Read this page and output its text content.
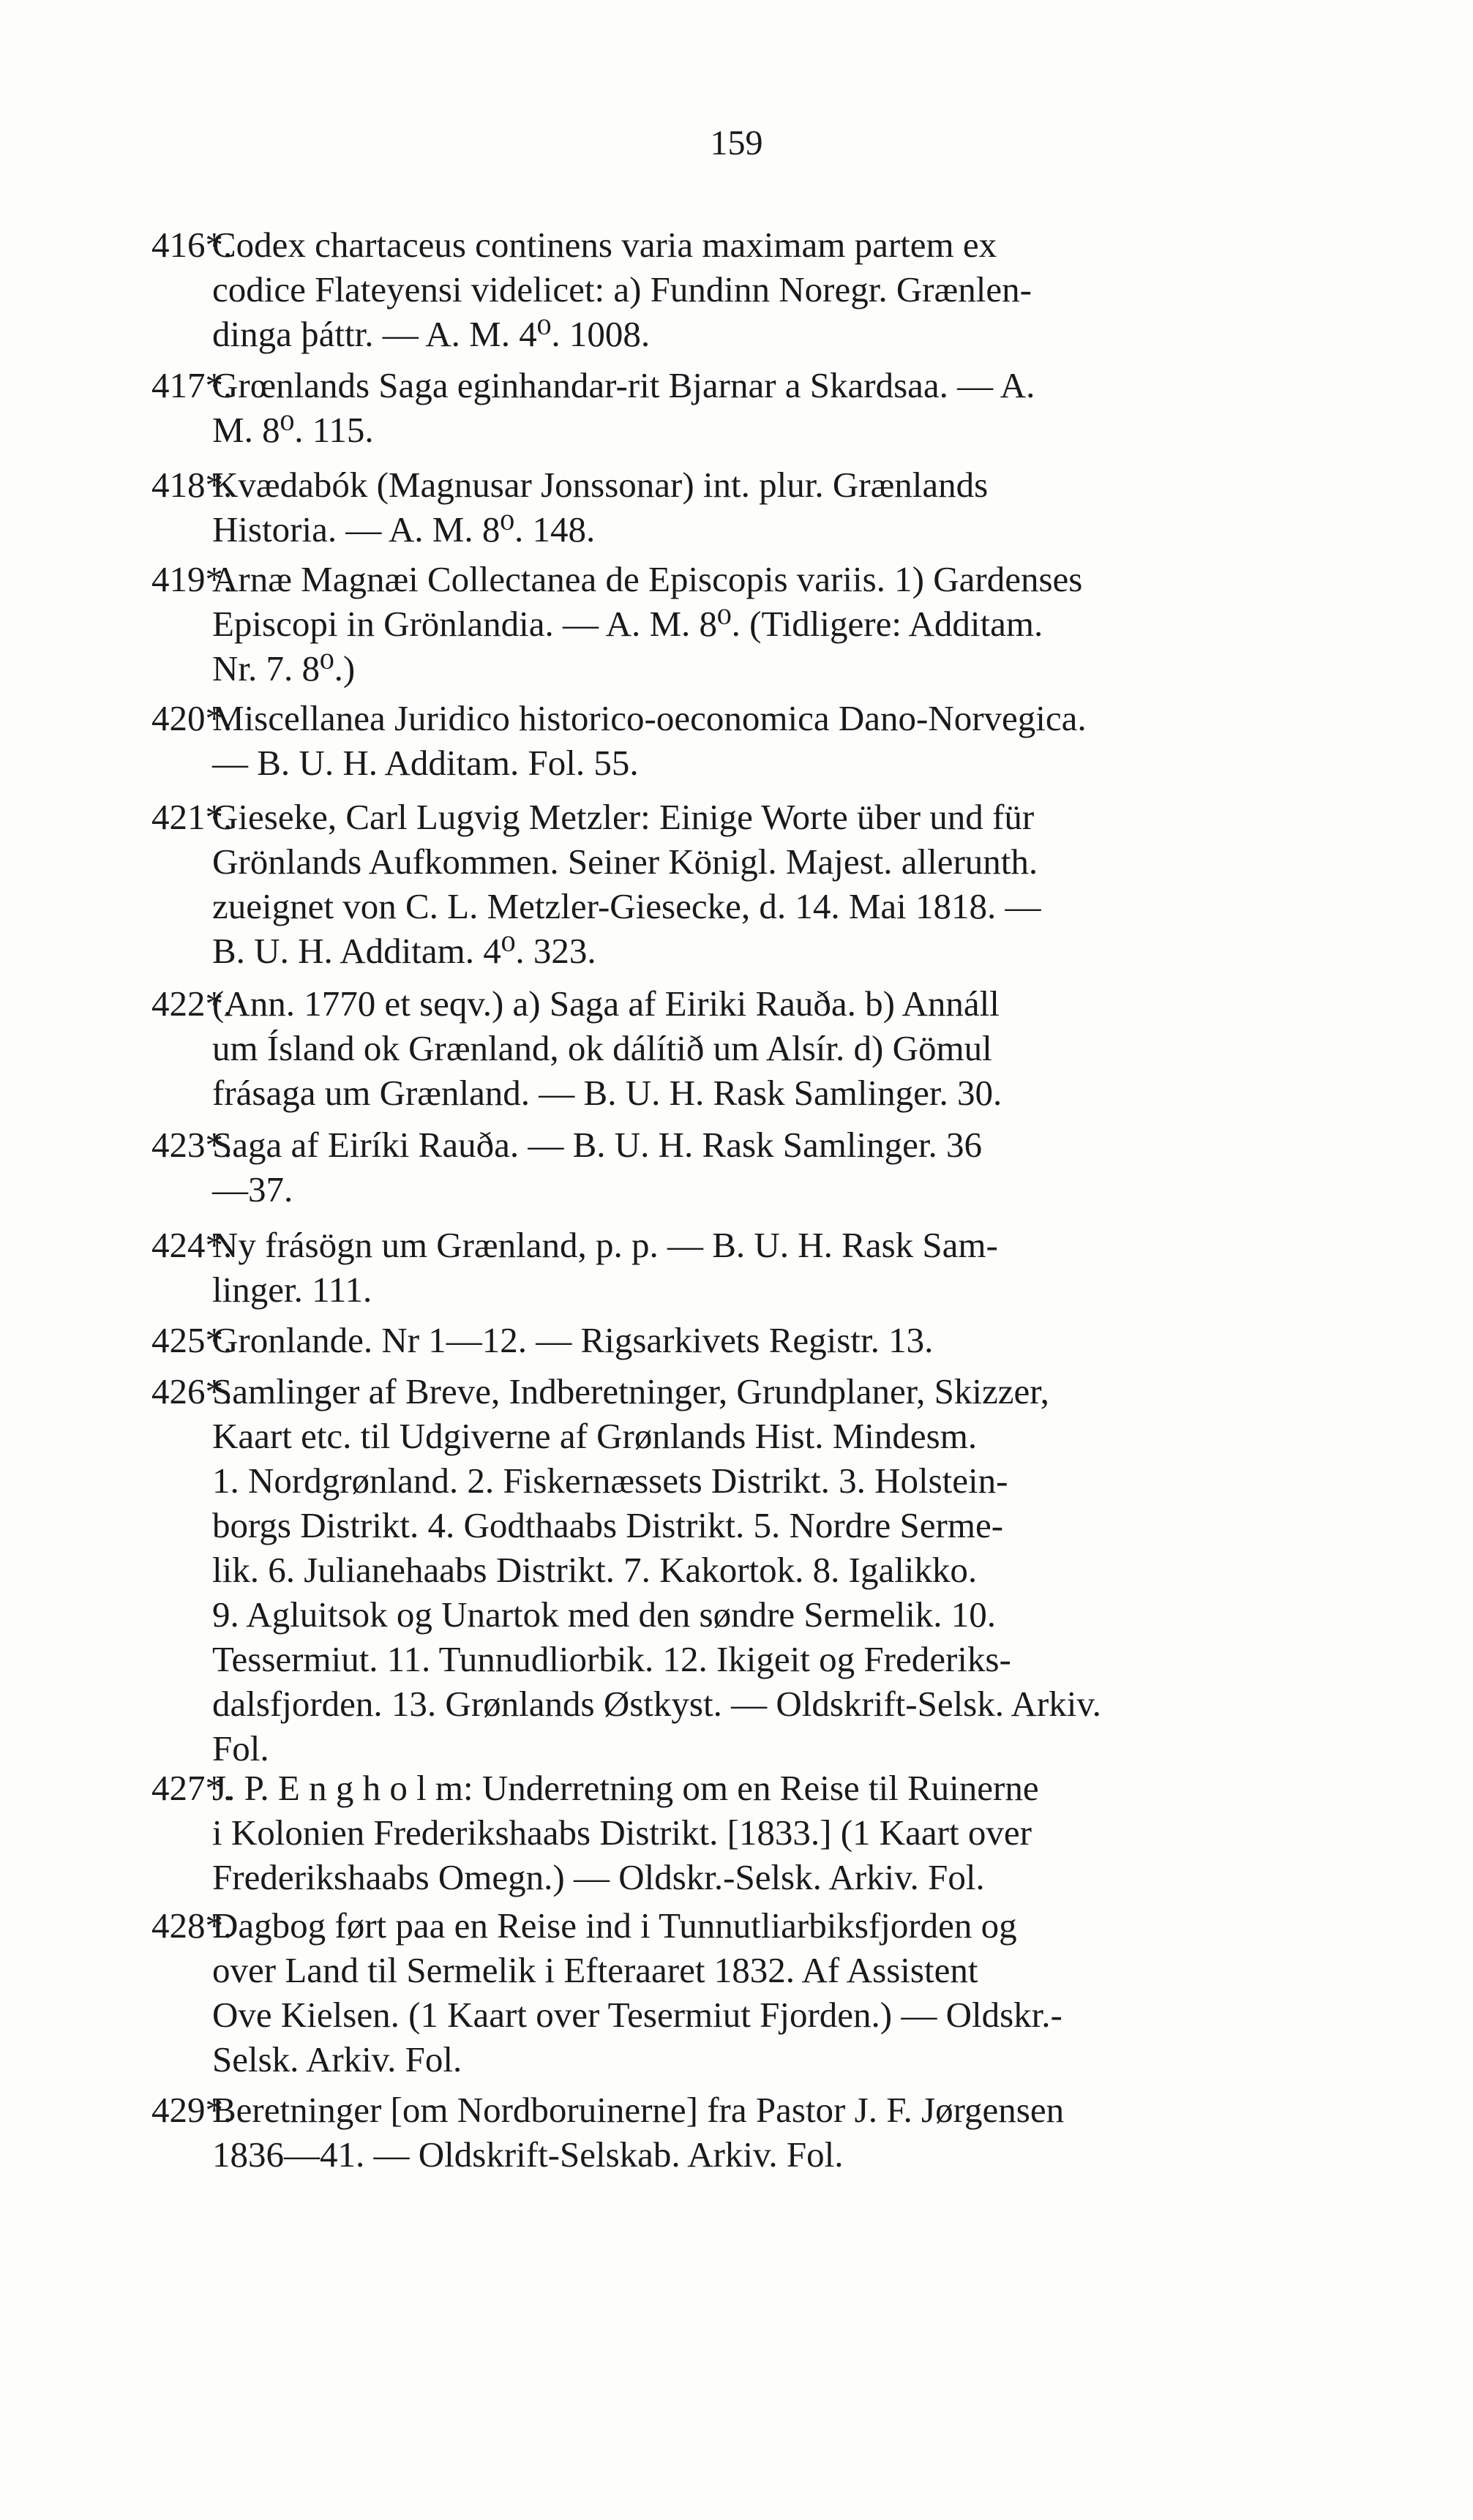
159
416*.
Codex chartaceus continens varia maximam partem ex
codice Flateyensi videlicet: a) Fundinn Noregr. Grænlen-
dinga þáttr. — A. M. 4⁰. 1008.
417*.
Grœnlands Saga eginhandar-rit Bjarnar a Skardsaa. — A.
M. 8⁰. 115.
418*.
Kvædabók (Magnusar Jonssonar) int. plur. Grænlands
Historia. — A. M. 8⁰. 148.
419*.
Arnæ Magnæi Collectanea de Episcopis variis. 1) Gardenses
Episcopi in Grönlandia. — A. M. 8⁰. (Tidligere: Additam.
Nr. 7. 8⁰.)
420*.
Miscellanea Juridico historico-oeconomica Dano-Norvegica.
— B. U. H. Additam. Fol. 55.
421*.
Gieseke, Carl Lugvig Metzler: Einige Worte über und für
Grönlands Aufkommen. Seiner Königl. Majest. allerunth.
zueignet von C. L. Metzler-Giesecke, d. 14. Mai 1818. —
B. U. H. Additam. 4⁰. 323.
422*.
(Ann. 1770 et seqv.) a) Saga af Eiriki Rauða. b) Annáll
um Ísland ok Grænland, ok dálítið um Alsír. d) Gömul
frásaga um Grænland. — B. U. H. Rask Samlinger. 30.
423*.
Saga af Eiríki Rauða. — B. U. H. Rask Samlinger. 36
—37.
424*.
Ny frásögn um Grænland, p. p. — B. U. H. Rask Sam-
linger. 111.
425*.
Gronlande. Nr 1—12. — Rigsarkivets Registr. 13.
426*.
Samlinger af Breve, Indberetninger, Grundplaner, Skizzer,
Kaart etc. til Udgiverne af Grønlands Hist. Mindesm.
1. Nordgrønland. 2. Fiskernæssets Distrikt. 3. Holstein-
borgs Distrikt. 4. Godthaabs Distrikt. 5. Nordre Serme-
lik. 6. Julianehaabs Distrikt. 7. Kakortok. 8. Igalikko.
9. Agluitsok og Unartok med den søndre Sermelik. 10.
Tessermiut. 11. Tunnudliorbik. 12. Ikigeit og Frederiks-
dalsfjorden. 13. Grønlands Østkyst. — Oldskrift-Selsk. Arkiv.
Fol.
427*.
J. P. E n g h o l m: Underretning om en Reise til Ruinerne
i Kolonien Frederikshaabs Distrikt. [1833.] (1 Kaart over
Frederikshaabs Omegn.) — Oldskr.-Selsk. Arkiv. Fol.
428*.
Dagbog ført paa en Reise ind i Tunnutliarbiksfjorden og
over Land til Sermelik i Efteraaret 1832. Af Assistent
Ove Kielsen. (1 Kaart over Tesermiut Fjorden.) — Oldskr.-
Selsk. Arkiv. Fol.
429*.
Beretninger [om Nordboruinerne] fra Pastor J. F. Jørgensen
1836—41. — Oldskrift-Selskab. Arkiv. Fol.
